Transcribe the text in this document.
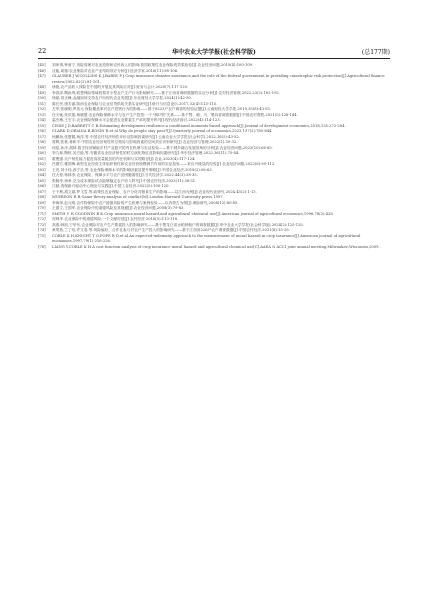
22	华中农业大学学报(社会科学版)	(总177期)
[45] 刘家琪,钟甫宁.风险管理对农业投资和农民收入的影响:我国政策性农业保险的效果检验[J].农业经济问题,2010(4):100-109.
[46] 沈能,周德:农业保险对农业产业结构效应分析[J].经济学家,2016(11):98-106.
[47] GLAUBER J W,COLLINS K J,BARRY P J.Crop insurance,disaster assistance,and the role of the federal government in providing catastrophic risk protection[J].Agricultural finance review,2002,62(2):81-101.
[48] 徐艳,农产品收入保险在中国的开展及其风险应对[J].财务与会计,2020(7):117-120.
[49] 李春泽,陶汝珠,联想保险领域机构对小型农户生产行为影响研究——基于江西省调研数据的实证分析[J].农村经济管理,2022,23(2):182-192.
[50] 徐斌,刘正峰,金融如何支持农户向现代农业发展[J].东北财经大学学报,2024(1):42-50.
[51] 陈长民,康芳丽,陕西农业保险与农业信贷供给关系实证研究[J].统计与信息论坛,2017,32(4):113-115.
[52] 左军,张晓明,罗浩元.保险覆盖率对农户投资行为的影响——基于8223户农户调查的经验证据[J].云南财经大学学报,2019,35(8):43-55.
[53] 任天驰,张洪振,杨晓慧.农业保险保障水平与农户生产投资:一个"倒U型"关系——基于鄂、湘、川、黑四省调查数据[J].中国农村观察,2021(5):128-144.
[54] 温杰梅,王宏宇,农业保险保障水平会促进农业要素生产率的提升吗?[J].现代经济探讨,2022(4):114-123.
[55] CISSE J D,BARRETT C B.Estimating development resilience:a conditional moments-based approach[J].Journal of development economics,2018,135:272-284.
[56] CLARK D,ORIANA B,BOSIN R,et al.Why do people stay poor?[J].Quarterly journal of economics,2022,137(2):785-844.
[57] 杨鹏扬,张慧娟,杨洋,等.中国农村经济韧性评价及影响因素研究[J].云南农业大学学报(社会科学),2022,16(5):43-52.
[58] 蒋辉,张豪,蒋和平.中国农业经济韧性时空格局与影响因素的空间效应识别研究[J].农业经济与管理,2022(1):30-32.
[59] 何星,孙彦,胡林.数字经济赋能乡村产业振兴的内在机理与实证检验——基于城乡融合发展视角的分析[J].农业经济问题,2023(10):66-85.
[60] 李九林,陶恒,吴宏能,等.安徽省农业经济韧性的时空演化特征及影响因素研究[J].华东经济管理,2022,36(11):75-84.
[61] 霍俊强.农户韧性能力促进高质量脱贫的内在机制与实现路径[J].农业,2023(4):117-124.
[62] 吕德宏,雅国梅.新型农业经营主体组织韧性和农业经营规模调节作用的实证检验——来自丹棱县的经验[J].农业经济问题,2022(8):90-112.
[63] 王亮,刘小伟,西宁乐,等.农业保险保障水平的影响因素及提升策略[J].中国农业经济,2018(2):56-63.
[64] 任大栓,杨林李,农业保险、保障水平与农户贫困脆弱性[J].当代经济学,2022,44(2):28-35.
[65] 张毓华,徐聿.完全成本保险试点能够稳定农户收入吗?[J].中国农村经济,2023(11):38-51.
[66] 江献,再保新兴驱动中心理论与实践[J].中国工业经济,2022(5):100-120.
[67] 于千利,胡文斌,罗飞雪,等.政策性农业保险、农户分化对粮食生产的影响——以江西为例[J].农业现代化研究,2024,45(2):1-13.
[68] MYERSON R B.Game theory:analysis of conflict[M].London:Harvard University press,1997.
[69] 李海萍,赵元明,农作物保险中农户道德风险的产生机理与案例检验——以内蒙古为例[J].保险研究,2008(12):80-85.
[70] 王德文,王国军.农业保险中的道德风险及其规避[J].农业经济问题,2008(3):79-83.
[71] SMITH V H,GOODWIN B K.Crop insurance,moral hazard,and agricultural chemical use[J].American journal of agricultural economics,1996,78(2):428.
[72] 祝婵华.农业保险中的道德风险:一个文献综述[J].农村经济,2016(5):113-118.
[73] 高燕,韩凯,宁华东,农业保险对农户生产要素投入的影响研究——基于黑龙江省水稻种植户的调查数据[J].华中农业大学学报(社会科学版),2024(2):125-135.
[74] 黄莺燕,兰了咕,许文春,等.风险偏好、合作社参与对农户生产投入的影响研究——基于江西省226户农户调查数据[J].中国农村经济,2021(8):15-29.
[75] COBLE K H,KNIGHT T O,POPE R D,et al.An expected-indemnity approach to the measurement of moral hazard in crop insurance[J].American journal of agricultural economics,1997,79(1):216-226.
[76] LIANG Y,COBLE K H.A cost function analysis of crop insurance moral hazard and agricultural chemical use[C].AAEA & ACCI joint annual meeting.Milwaukee,Wisconsin,2009.
